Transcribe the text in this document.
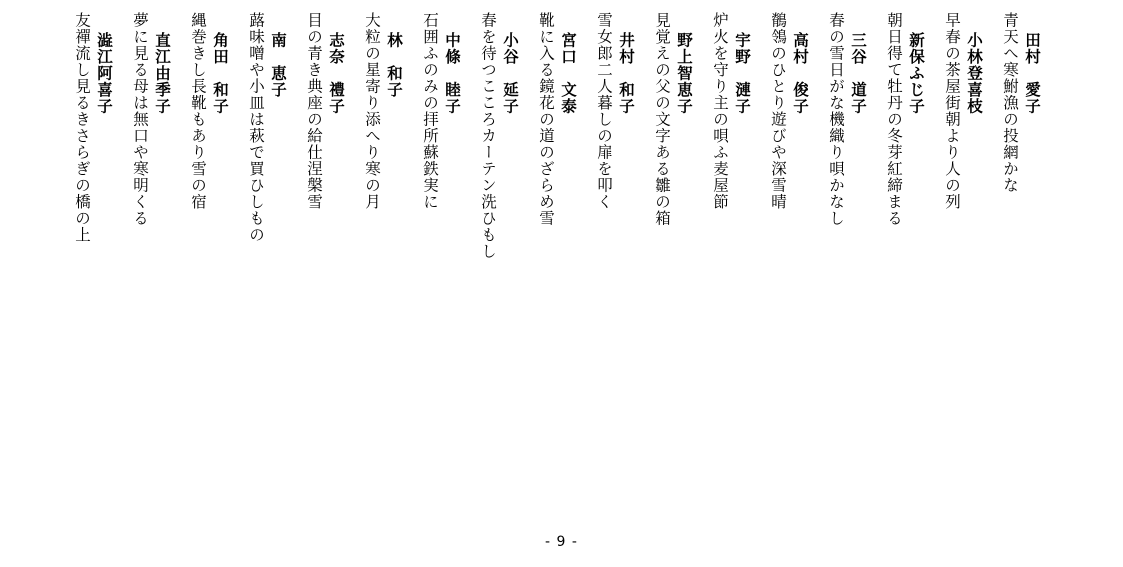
田村　愛子
青天へ寒鮒漁の投網かな
小林登喜枝
早春の茶屋街朝より人の列
新保ふじ子
朝日得て牡丹の冬芽紅締まる
三谷　道子
春の雪日がな機織り唄かなし
高村　俊子
鶺鴒のひとり遊びや深雪晴
宇野　漣子
炉火を守り主の唄ふ麦屋節
野上智恵子
見覚えの父の文字ある雛の箱
井村　和子
雪女郎二人暮しの扉を叩く
宮口　文泰
靴に入る鏡花の道のざらめ雪
小谷　延子
春を待つこころカーテン洗ひもし
中條　睦子
石囲ふのみの拝所蘇鉄実に
林　和子
大粒の星寄り添へり寒の月
志奈　禮子
目の青き典座の給仕涅槃雪
南　恵子
蕗味噌や小皿は萩で買ひしもの
角田　和子
縄巻きし長靴もあり雪の宿
直江由季子
夢に見る母は無口や寒明くる
澁江阿喜子
友禪流し見るきさらぎの橋の上
- 9 -
